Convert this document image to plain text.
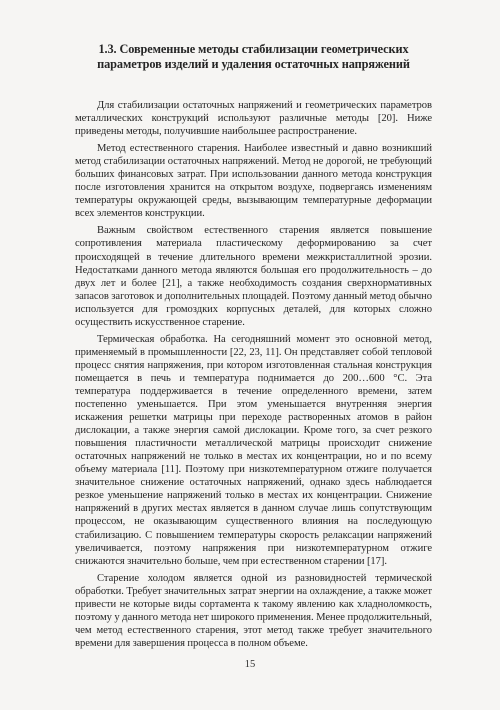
1.3. Современные методы стабилизации геометрических
параметров изделий и удаления остаточных напряжений

Для стабилизации остаточных напряжений и геометрических параметров металлических конструкций используют различные методы [20]. Ниже приведены методы, получившие наибольшее распространение.

Метод естественного старения. Наиболее известный и давно возникший метод стабилизации остаточных напряжений. Метод не дорогой, не требующий больших финансовых затрат. При использовании данного метода конструкция после изготовления хранится на открытом воздухе, подвергаясь изменениям температуры окружающей среды, вызывающим температурные деформации всех элементов конструкции.

Важным свойством естественного старения является повышение сопротивления материала пластическому деформированию за счет происходящей в течение длительного времени межкристаллитной эрозии. Недостатками данного метода являются большая его продолжительность – до двух лет и более [21], а также необходимость создания сверхнормативных запасов заготовок и дополнительных площадей. Поэтому данный метод обычно используется для громоздких корпусных деталей, для которых сложно осуществить искусственное старение.

Термическая обработка. На сегодняшний момент это основной метод, применяемый в промышленности [22, 23, 11]. Он представляет собой тепловой процесс снятия напряжения, при котором изготовленная стальная конструкция помещается в печь и температура поднимается до 200…600 °С. Эта температура поддерживается в течение определенного времени, затем постепенно уменьшается. При этом уменьшается внутренняя энергия искажения решетки матрицы при переходе растворенных атомов в район дислокации, а также энергия самой дислокации. Кроме того, за счет резкого повышения пластичности металлической матрицы происходит снижение остаточных напряжений не только в местах их концентрации, но и по всему объему материала [11]. Поэтому при низкотемпературном отжиге получается значительное снижение остаточных напряжений, однако здесь наблюдается резкое уменьшение напряжений только в местах их концентрации. Снижение напряжений в других местах является в данном случае лишь сопутствующим процессом, не оказывающим существенного влияния на последующую стабилизацию. С повышением температуры скорость релаксации напряжений увеличивается, поэтому напряжения при низкотемпературном отжиге снижаются значительно больше, чем при естественном старении [17].

Старение холодом является одной из разновидностей термической обработки. Требует значительных затрат энергии на охлаждение, а также может привести не которые виды сортамента к такому явлению как хладноломкость, поэтому у данного метода нет широкого применения. Менее продолжительный, чем метод естественного старения, этот метод также требует значительного времени для завершения процесса в полном объеме.

15
